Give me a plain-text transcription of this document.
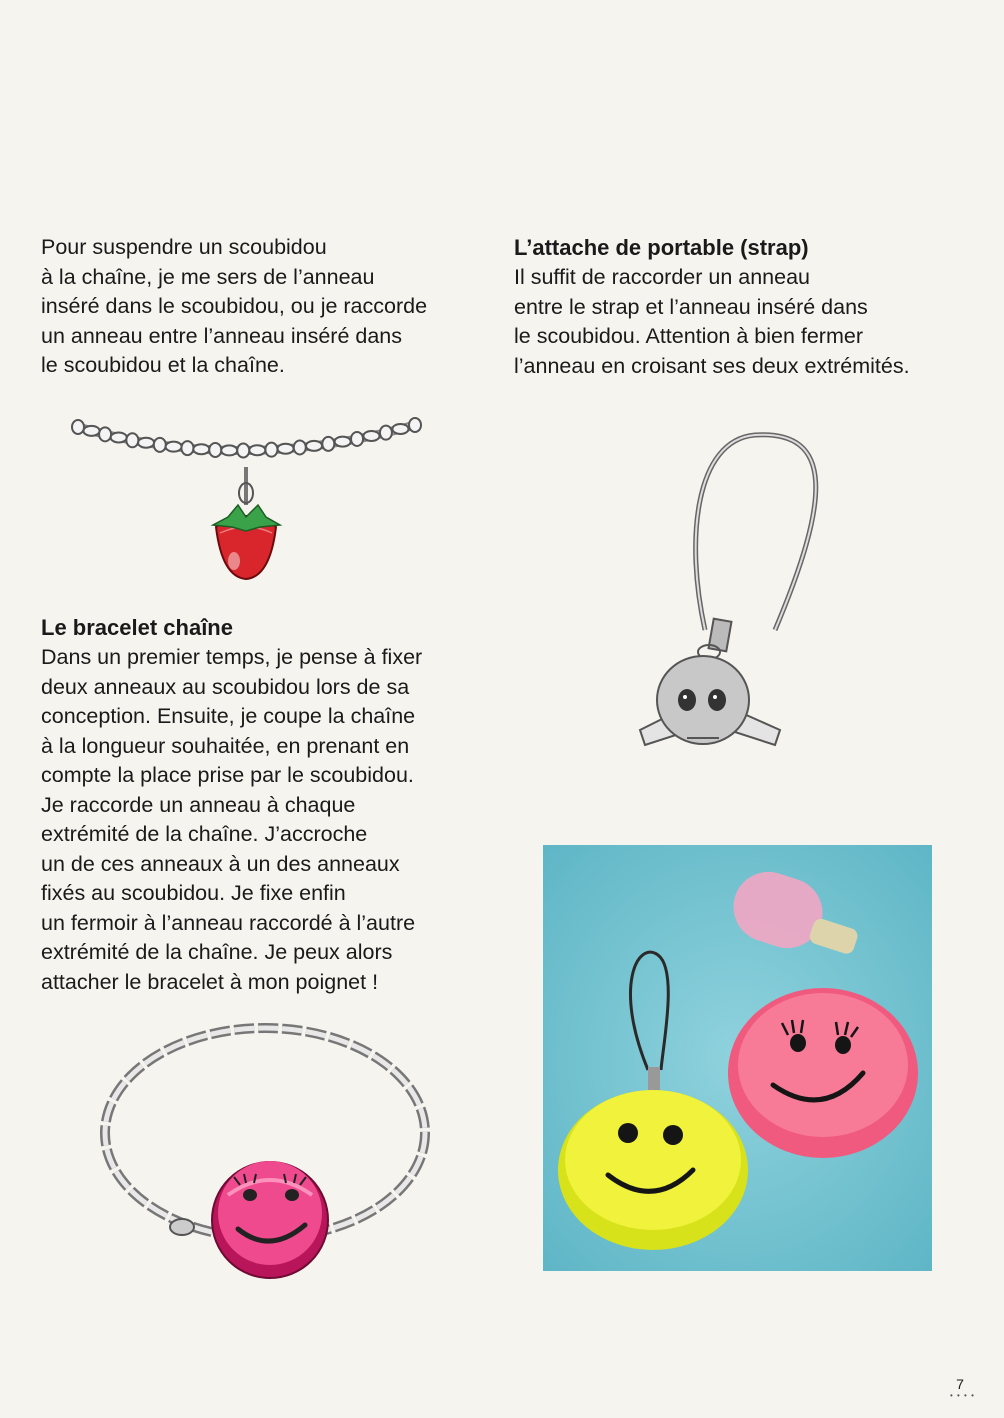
Pour suspendre un scoubidou

à la chaîne, je me sers de l’anneau

inséré dans le scoubidou, ou je raccorde

un anneau entre l’anneau inséré dans

le scoubidou et la chaîne.

L’attache de portable (strap)

Il suffit de raccorder un anneau

entre le strap et l’anneau inséré dans

le scoubidou. Attention à bien fermer

l’anneau en croisant ses deux extrémités.

Le bracelet chaîne

Dans un premier temps, je pense à fixer

deux anneaux au scoubidou lors de sa

conception. Ensuite, je coupe la chaîne

à la longueur souhaitée, en prenant en

compte la place prise par le scoubidou.

Je raccorde un anneau à chaque

extrémité de la chaîne. J’accroche

un de ces anneaux à un des anneaux

fixés au scoubidou. Je fixe enfin

un fermoir à l’anneau raccordé à l’autre

extrémité de la chaîne. Je peux alors

attacher le bracelet à mon poignet !

7
• • • •
